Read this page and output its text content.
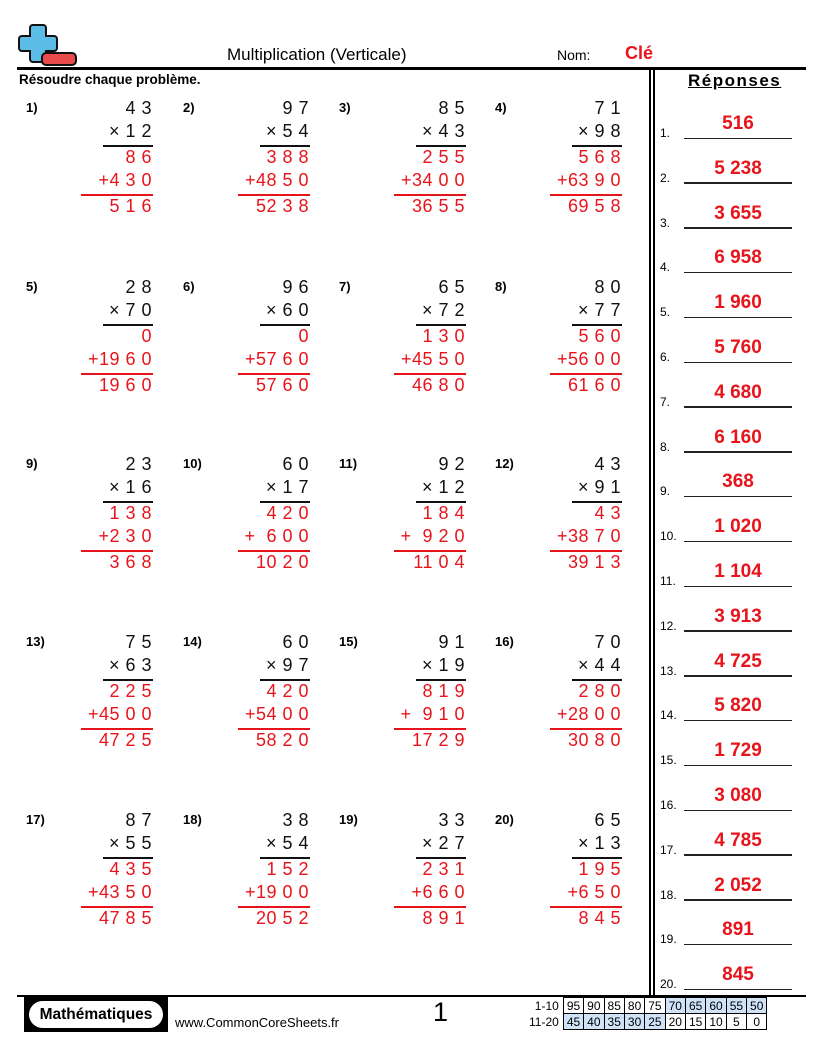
Multiplication (Verticale)	Nom: Clé
Résoudre chaque problème.
1)	4 3
× 1 2
8 6
+4 3 0
5 1 6
2)	9 7
× 5 4
3 8 8
+48 5 0
52 3 8
3)	8 5
× 4 3
2 5 5
+34 0 0
36 5 5
4)	7 1
× 9 8
5 6 8
+63 9 0
69 5 8
5)	2 8
× 7 0
0
+19 6 0
19 6 0
6)	9 6
× 6 0
0
+57 6 0
57 6 0
7)	6 5
× 7 2
1 3 0
+45 5 0
46 8 0
8)	8 0
× 7 7
5 6 0
+56 0 0
61 6 0
9)	2 3
× 1 6
1 3 8
+2 3 0
3 6 8
10)	6 0
× 1 7
4 2 0
+  6 0 0
10 2 0
11)	9 2
× 1 2
1 8 4
+  9 2 0
11 0 4
12)	4 3
× 9 1
4 3
+38 7 0
39 1 3
13)	7 5
× 6 3
2 2 5
+45 0 0
47 2 5
14)	6 0
× 9 7
4 2 0
+54 0 0
58 2 0
15)	9 1
× 1 9
8 1 9
+  9 1 0
17 2 9
16)	7 0
× 4 4
2 8 0
+28 0 0
30 8 0
17)	8 7
× 5 5
4 3 5
+43 5 0
47 8 5
18)	3 8
× 5 4
1 5 2
+19 0 0
20 5 2
19)	3 3
× 2 7
2 3 1
+6 6 0
8 9 1
20)	6 5
× 1 3
1 9 5
+6 5 0
8 4 5
Réponses
1.	516
2.	5 238
3.	3 655
4.	6 958
5.	1 960
6.	5 760
7.	4 680
8.	6 160
9.	368
10.	1 020
11.	1 104
12.	3 913
13.	4 725
14.	5 820
15.	1 729
16.	3 080
17.	4 785
18.	2 052
19.	891
20.	845
Mathématiques	www.CommonCoreSheets.fr	1	1-10	95	90	85	80	75	70	65	60	55	50
11-20	45	40	35	30	25	20	15	10	5	0
